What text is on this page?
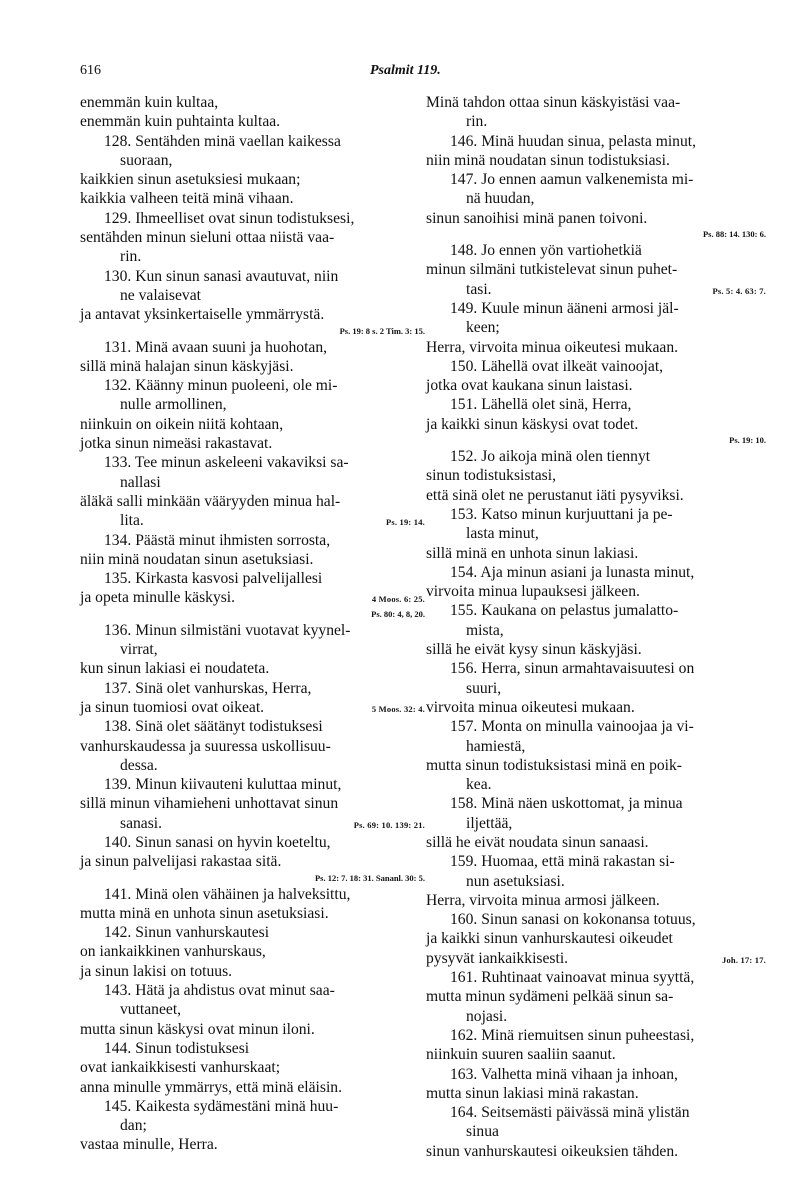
616	Psalmit 119.
enemmän kuin kultaa,
enemmän kuin puhtainta kultaa.
128. Sentähden minä vaellan kaikessa
suoraan,
kaikkien sinun asetuksiesi mukaan;
kaikkia valheen teitä minä vihaan.
129. Ihmeelliset ovat sinun todistuksesi,
sentähden minun sieluni ottaa niistä vaa-
rin.
130. Kun sinun sanasi avautuvat, niin
ne valaisevat
ja antavat yksinkertaiselle ymmärrystä.
Ps. 19: 8 s. 2 Tim. 3: 15.
131. Minä avaan suuni ja huohotan,
sillä minä halajan sinun käskyjäsi.
132. Käänny minun puoleeni, ole mi-
nulle armollinen,
niinkuin on oikein niitä kohtaan,
jotka sinun nimeäsi rakastavat.
133. Tee minun askeleeni vakaviksi sa-
nallasi
äläkä salli minkään vääryyden minua hal-
lita.	Ps. 19: 14.
134. Päästä minut ihmisten sorrosta,
niin minä noudatan sinun asetuksiasi.
135. Kirkasta kasvosi palvelijallesi
ja opeta minulle käskysi.	4 Moos. 6: 25.
Ps. 80: 4, 8, 20.
136. Minun silmistäni vuotavat kyynel-
virrat,
kun sinun lakiasi ei noudateta.
137. Sinä olet vanhurskas, Herra,
ja sinun tuomiosi ovat oikeat.	5 Moos. 32: 4.
138. Sinä olet säätänyt todistuksesi
vanhurskaudessa ja suuressa uskollisuu-
dessa.
139. Minun kiivauteni kuluttaa minut,
sillä minun vihamieheni unhottavat sinun
sanasi.	Ps. 69: 10. 139: 21.
140. Sinun sanasi on hyvin koeteltu,
ja sinun palvelijasi rakastaa sitä.
Ps. 12: 7. 18: 31. Sananl. 30: 5.
141. Minä olen vähäinen ja halveksittu,
mutta minä en unhota sinun asetuksiasi.
142. Sinun vanhurskautesi
on iankaikkinen vanhurskaus,
ja sinun lakisi on totuus.
143. Hätä ja ahdistus ovat minut saa-
vuttaneet,
mutta sinun käskysi ovat minun iloni.
144. Sinun todistuksesi
ovat iankaikkisesti vanhurskaat;
anna minulle ymmärrys, että minä eläisin.
145. Kaikesta sydämestäni minä huu-
dan;
vastaa minulle, Herra.
Minä tahdon ottaa sinun käskyistäsi vaa-
rin.
146. Minä huudan sinua, pelasta minut,
niin minä noudatan sinun todistuksiasi.
147. Jo ennen aamun valkenemista mi-
nä huudan,
sinun sanoihisi minä panen toivoni.
Ps. 88: 14. 130: 6.
148. Jo ennen yön vartiohetkiä
minun silmäni tutkistelevat sinun puhet-
tasi.	Ps. 5: 4. 63: 7.
149. Kuule minun ääneni armosi jäl-
keen;
Herra, virvoita minua oikeutesi mukaan.
150. Lähellä ovat ilkeät vainoojat,
jotka ovat kaukana sinun laistasi.
151. Lähellä olet sinä, Herra,
ja kaikki sinun käskysi ovat todet.
Ps. 19: 10.
152. Jo aikoja minä olen tiennyt
sinun todistuksistasi,
että sinä olet ne perustanut iäti pysyviksi.
153. Katso minun kurjuuttani ja pe-
lasta minut,
sillä minä en unhota sinun lakiasi.
154. Aja minun asiani ja lunasta minut,
virvoita minua lupauksesi jälkeen.
155. Kaukana on pelastus jumalatto-
mista,
sillä he eivät kysy sinun käskyjäsi.
156. Herra, sinun armahtavaisuutesi on
suuri,
virvoita minua oikeutesi mukaan.
157. Monta on minulla vainoojaa ja vi-
hamiestä,
mutta sinun todistuksistasi minä en poik-
kea.
158. Minä näen uskottomat, ja minua
iljettää,
sillä he eivät noudata sinun sanaasi.
159. Huomaa, että minä rakastan si-
nun asetuksiasi.
Herra, virvoita minua armosi jälkeen.
160. Sinun sanasi on kokonansa totuus,
ja kaikki sinun vanhurskautesi oikeudet
pysyvät iankaikkisesti.	Joh. 17: 17.
161. Ruhtinaat vainoavat minua syyttä,
mutta minun sydämeni pelkää sinun sa-
nojasi.
162. Minä riemuitsen sinun puheestasi,
niinkuin suuren saaliin saanut.
163. Valhetta minä vihaan ja inhoan,
mutta sinun lakiasi minä rakastan.
164. Seitsemästi päivässä minä ylistän
sinua
sinun vanhurskautesi oikeuksien tähden.
